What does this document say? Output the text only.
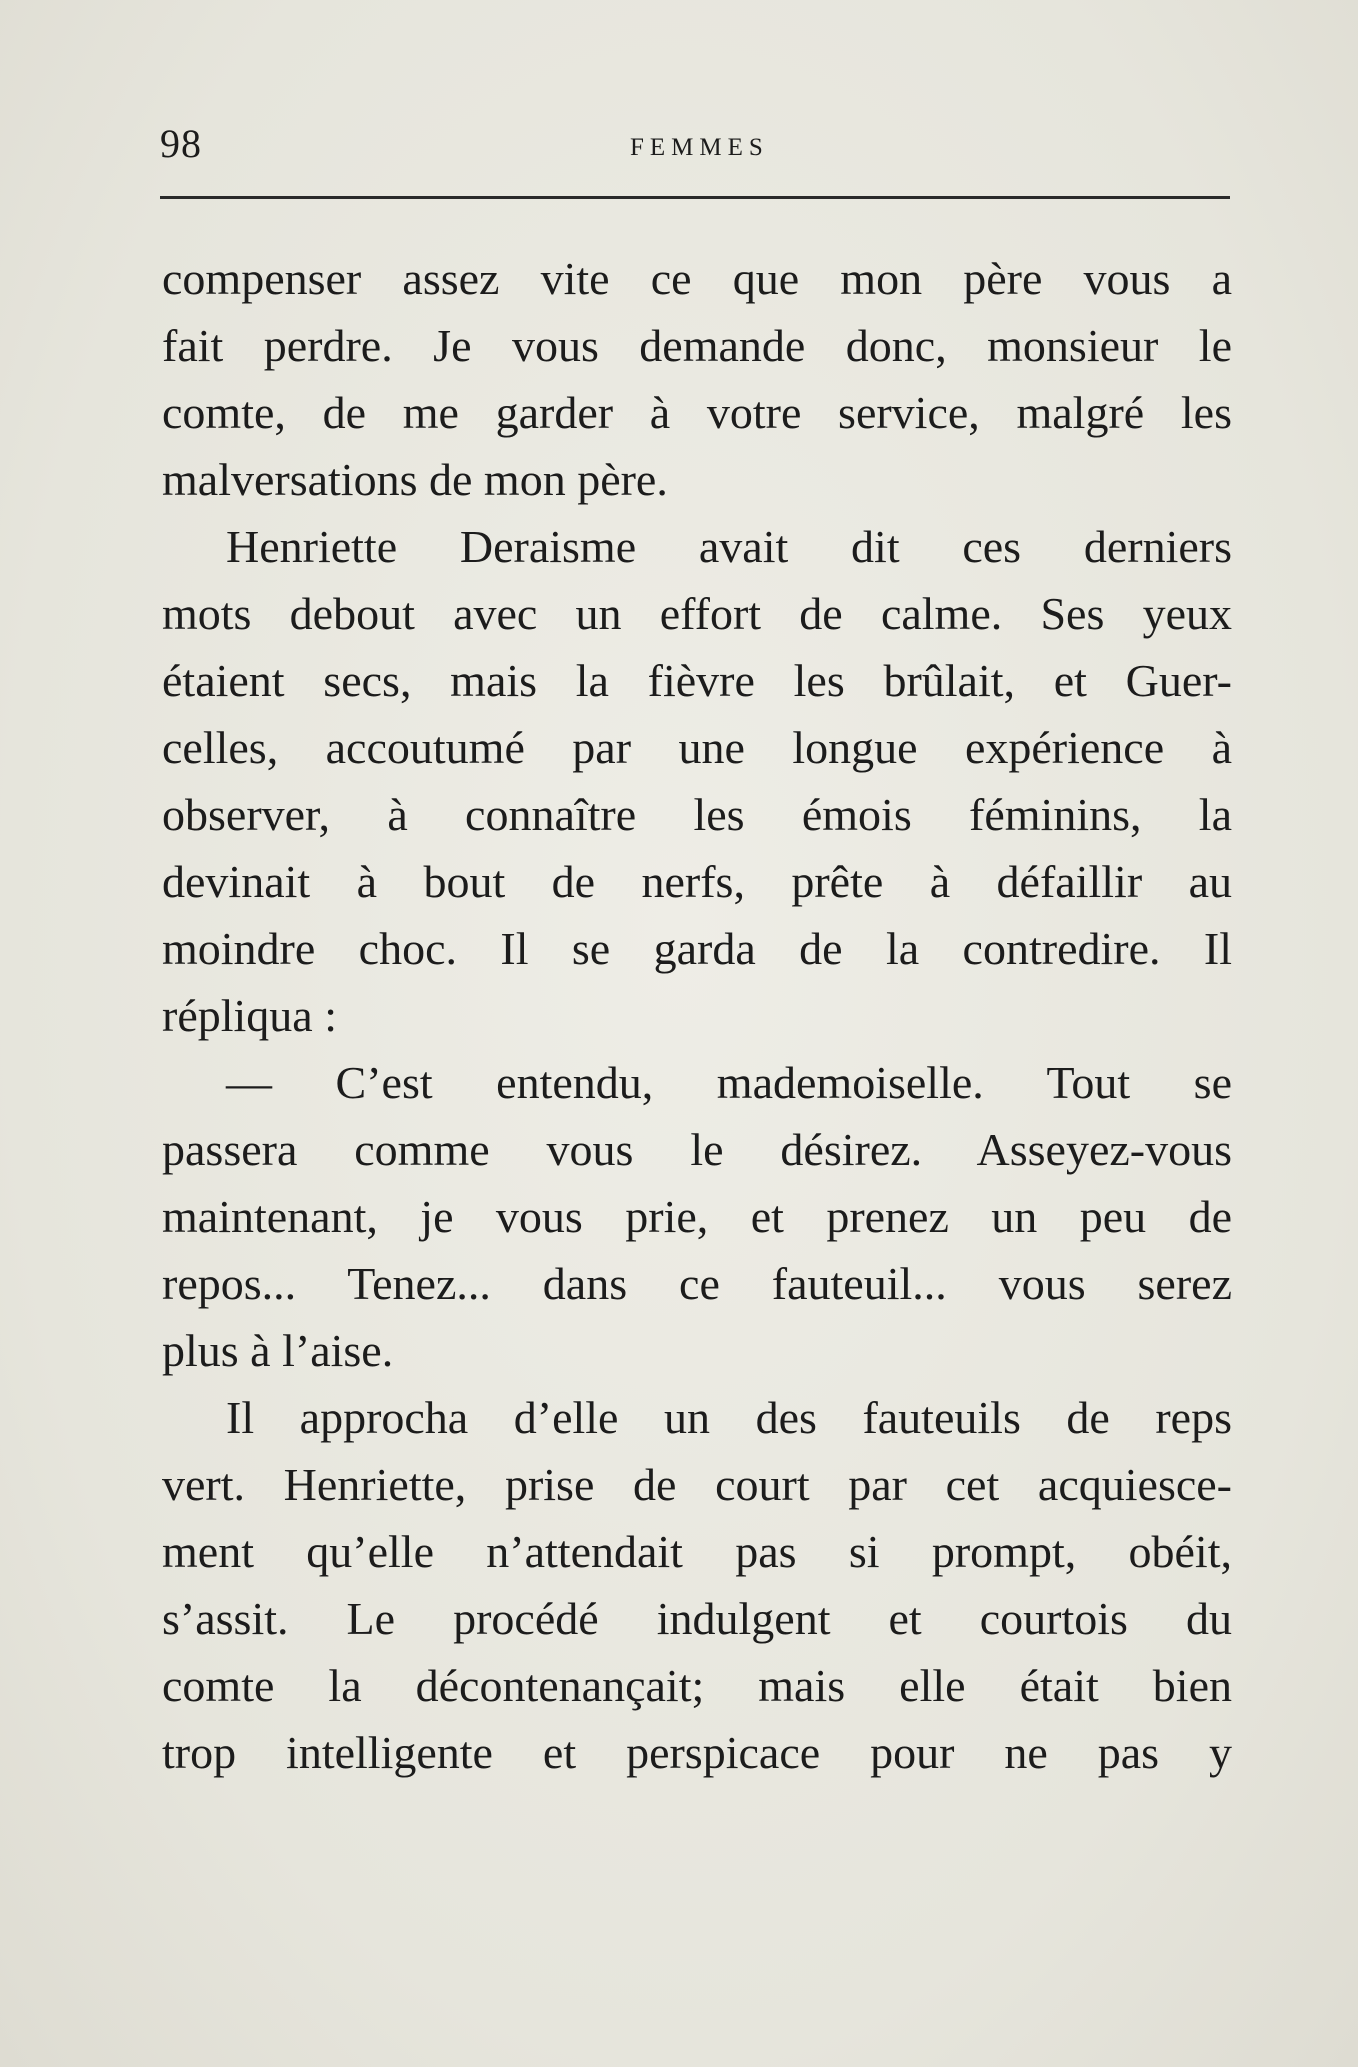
98	FEMMES
compenser assez vite ce que mon père vous a
fait perdre. Je vous demande donc, monsieur le
comte, de me garder à votre service, malgré les
malversations de mon père.
Henriette Deraisme avait dit ces derniers
mots debout avec un effort de calme. Ses yeux
étaient secs, mais la fièvre les brûlait, et Guer-
celles, accoutumé par une longue expérience à
observer, à connaître les émois féminins, la
devinait à bout de nerfs, prête à défaillir au
moindre choc. Il se garda de la contredire. Il
répliqua :
— C’est entendu, mademoiselle. Tout se
passera comme vous le désirez. Asseyez-vous
maintenant, je vous prie, et prenez un peu de
repos... Tenez... dans ce fauteuil... vous serez
plus à l’aise.
Il approcha d’elle un des fauteuils de reps
vert. Henriette, prise de court par cet acquiesce-
ment qu’elle n’attendait pas si prompt, obéit,
s’assit. Le procédé indulgent et courtois du
comte la décontenançait; mais elle était bien
trop intelligente et perspicace pour ne pas y
